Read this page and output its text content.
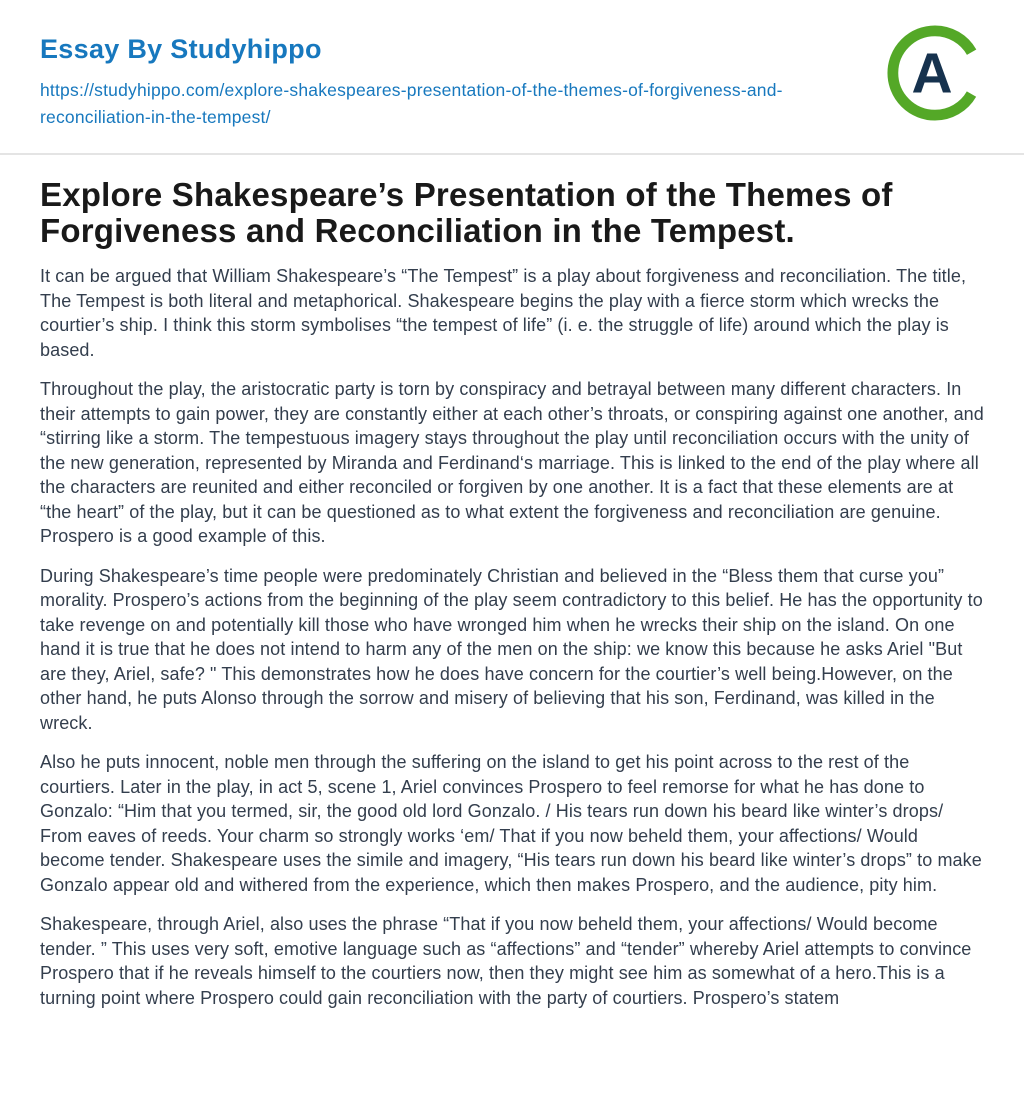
Essay By Studyhippo
https://studyhippo.com/explore-shakespeares-presentation-of-the-themes-of-forgiveness-and-reconciliation-in-the-tempest/
A
Explore Shakespeare’s Presentation of the Themes of Forgiveness and Reconciliation in the Tempest.

It can be argued that William Shakespeare’s “The Tempest” is a play about forgiveness and reconciliation. The title, The Tempest is both literal and metaphorical. Shakespeare begins the play with a fierce storm which wrecks the courtier’s ship. I think this storm symbolises “the tempest of life” (i. e. the struggle of life) around which the play is based.

Throughout the play, the aristocratic party is torn by conspiracy and betrayal between many different characters. In their attempts to gain power, they are constantly either at each other’s throats, or conspiring against one another, and “stirring like a storm. The tempestuous imagery stays throughout the play until reconciliation occurs with the unity of the new generation, represented by Miranda and Ferdinand‘s marriage. This is linked to the end of the play where all the characters are reunited and either reconciled or forgiven by one another. It is a fact that these elements are at “the heart” of the play, but it can be questioned as to what extent the forgiveness and reconciliation are genuine. Prospero is a good example of this.

During Shakespeare’s time people were predominately Christian and believed in the “Bless them that curse you” morality. Prospero’s actions from the beginning of the play seem contradictory to this belief. He has the opportunity to take revenge on and potentially kill those who have wronged him when he wrecks their ship on the island. On one hand it is true that he does not intend to harm any of the men on the ship: we know this because he asks Ariel "But are they, Ariel, safe? " This demonstrates how he does have concern for the courtier’s well being.However, on the other hand, he puts Alonso through the sorrow and misery of believing that his son, Ferdinand, was killed in the wreck.

Also he puts innocent, noble men through the suffering on the island to get his point across to the rest of the courtiers. Later in the play, in act 5, scene 1, Ariel convinces Prospero to feel remorse for what he has done to Gonzalo: “Him that you termed, sir, the good old lord Gonzalo. / His tears run down his beard like winter’s drops/ From eaves of reeds. Your charm so strongly works ‘em/ That if you now beheld them, your affections/ Would become tender. Shakespeare uses the simile and imagery, “His tears run down his beard like winter’s drops” to make Gonzalo appear old and withered from the experience, which then makes Prospero, and the audience, pity him.

Shakespeare, through Ariel, also uses the phrase “That if you now beheld them, your affections/ Would become tender. ” This uses very soft, emotive language such as “affections” and “tender” whereby Ariel attempts to convince Prospero that if he reveals himself to the courtiers now, then they might see him as somewhat of a hero.This is a turning point where Prospero could gain reconciliation with the party of courtiers. Prospero’s statem
